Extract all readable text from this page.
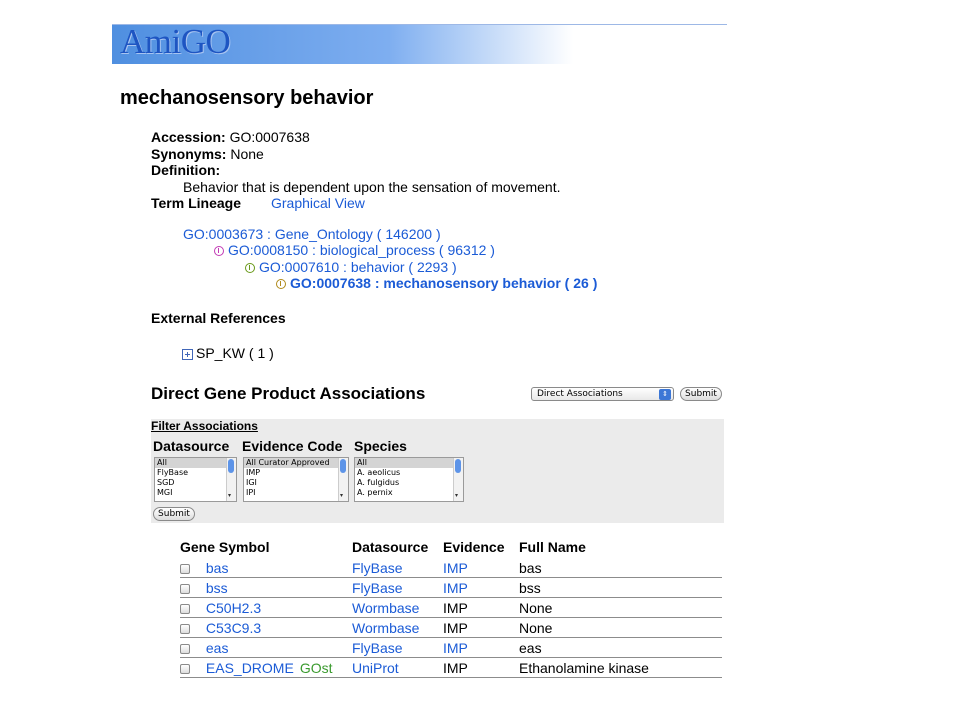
AmiGO
mechanosensory behavior
Accession: GO:0007638
Synonyms: None
Definition:
Behavior that is dependent upon the sensation of movement.
Term Lineage Graphical View
GO:0003673 : Gene_Ontology ( 146200 )
GO:0008150 : biological_process ( 96312 )
GO:0007610 : behavior ( 2293 )
GO:0007638 : mechanosensory behavior ( 26 )
External References
SP_KW ( 1 )
Direct Gene Product Associations	Direct Associations	⇕	Submit
Filter Associations
Datasource Evidence Code Species
All
FlyBase
SGD
MGI	▾
All Curator Approved
IMP
IGI
IPI	▾
All
A. aeolicus
A. fulgidus
A. pernix	▾
Submit
Gene Symbol	Datasource	Evidence	Full Name
bas	FlyBase	IMP	bas
bss	FlyBase	IMP	bss
C50H2.3	Wormbase	IMP	None
C53C9.3	Wormbase	IMP	None
eas	FlyBase	IMP	eas
EAS_DROME GOst	UniProt	IMP	Ethanolamine kinase
